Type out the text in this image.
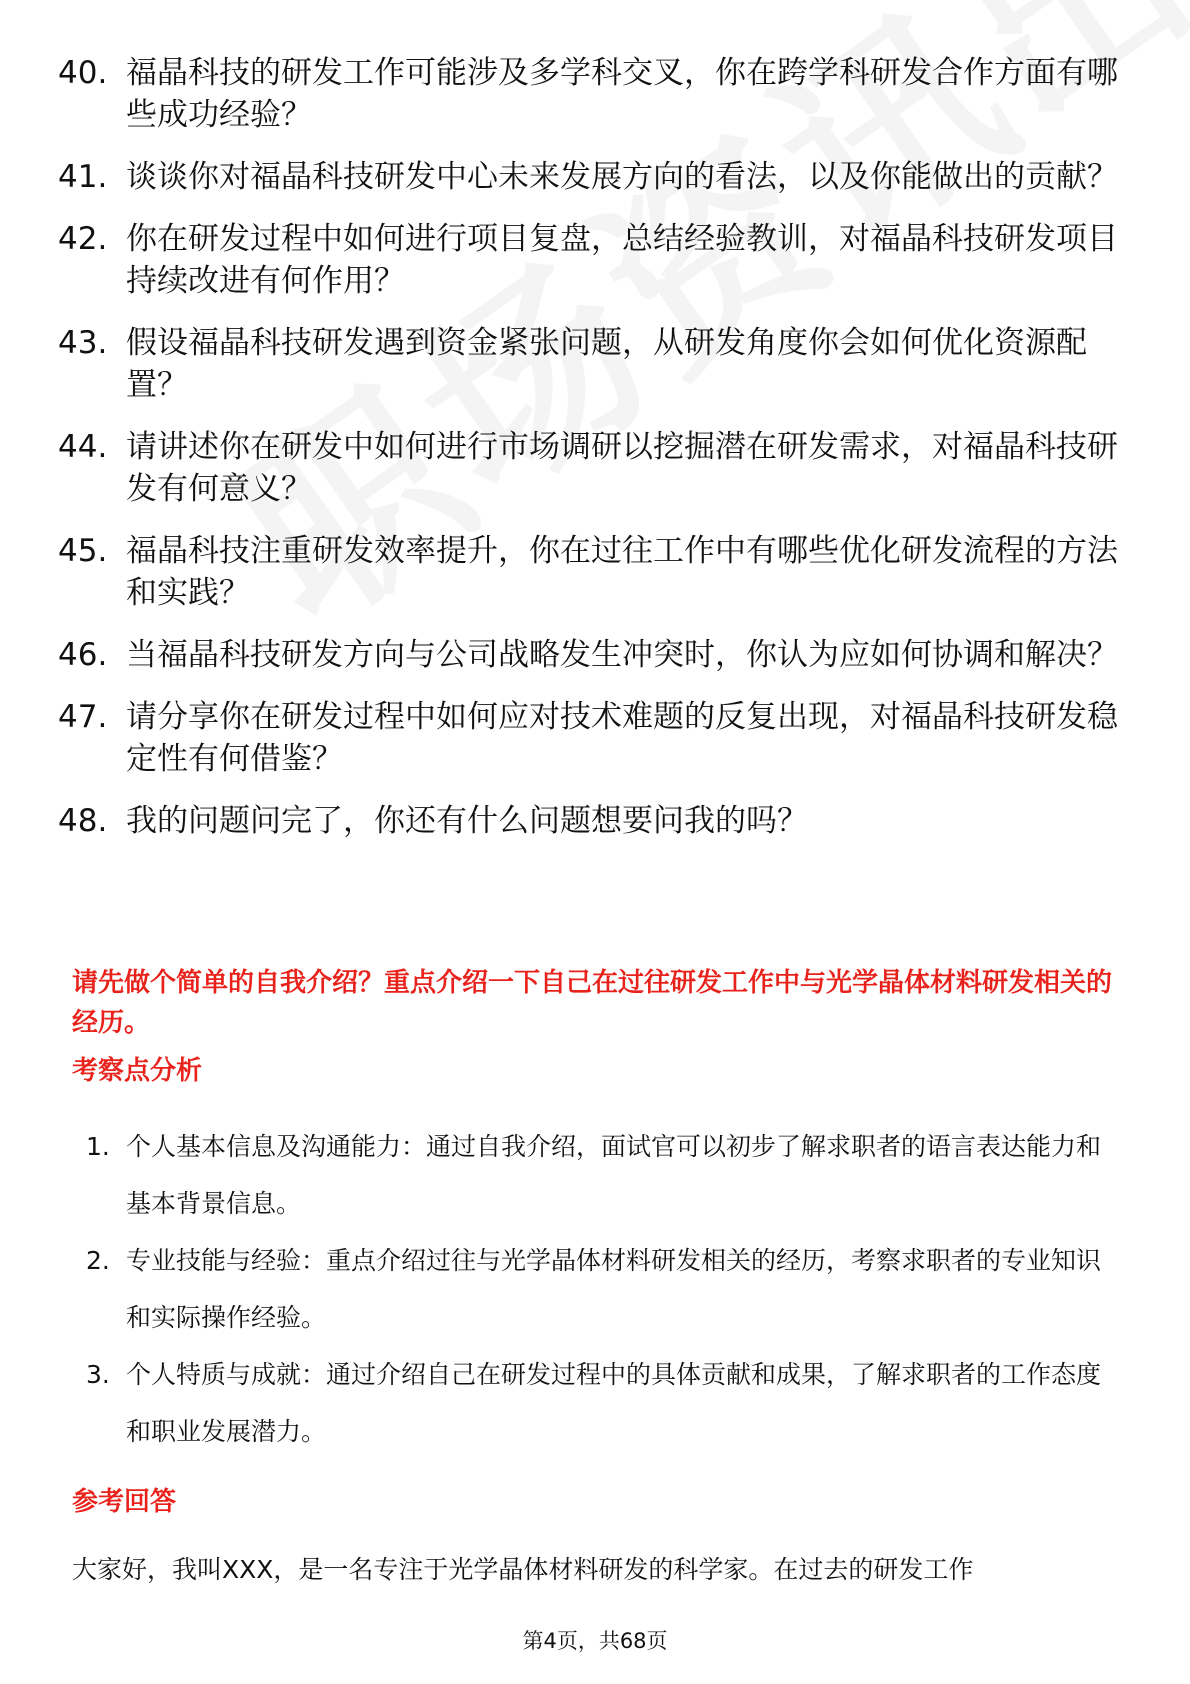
40. 福晶科技的研发工作可能涉及多学科交叉，你在跨学科研发合作方面有哪些成功经验？
41. 谈谈你对福晶科技研发中心未来发展方向的看法，以及你能做出的贡献？
42. 你在研发过程中如何进行项目复盘，总结经验教训，对福晶科技研发项目持续改进有何作用？
43. 假设福晶科技研发遇到资金紧张问题，从研发角度你会如何优化资源配置？
44. 请讲述你在研发中如何进行市场调研以挖掘潜在研发需求，对福晶科技研发有何意义？
45. 福晶科技注重研发效率提升，你在过往工作中有哪些优化研发流程的方法和实践？
46. 当福晶科技研发方向与公司战略发生冲突时，你认为应如何协调和解决？
47. 请分享你在研发过程中如何应对技术难题的反复出现，对福晶科技研发稳定性有何借鉴？
48. 我的问题问完了，你还有什么问题想要问我的吗？
请先做个简单的自我介绍？重点介绍一下自己在过往研发工作中与光学晶体材料研发相关的经历。
考察点分析
1. 个人基本信息及沟通能力：通过自我介绍，面试官可以初步了解求职者的语言表达能力和基本背景信息。
2. 专业技能与经验：重点介绍过往与光学晶体材料研发相关的经历，考察求职者的专业知识和实际操作经验。
3. 个人特质与成就：通过介绍自己在研发过程中的具体贡献和成果，了解求职者的工作态度和职业发展潜力。
参考回答
大家好，我叫XXX，是一名专注于光学晶体材料研发的科学家。在过去的研发工作
第4页，共68页
